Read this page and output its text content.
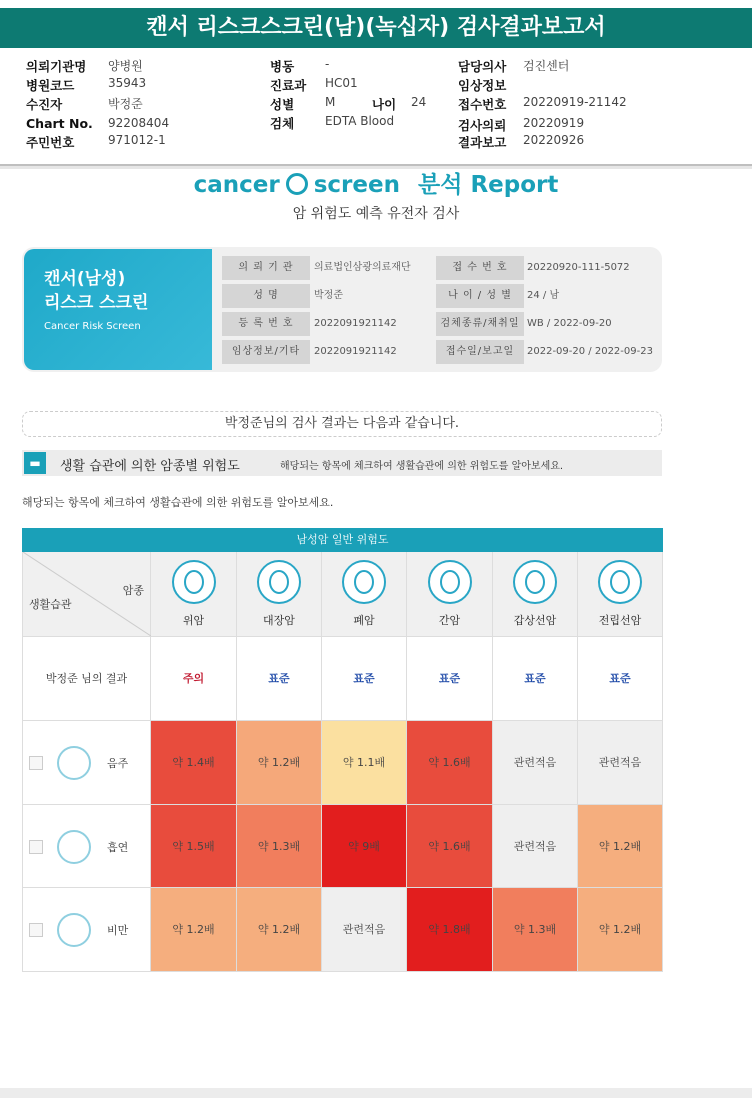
캔서 리스크스크린(남)(녹십자) 검사결과보고서
의뢰기관명 양병원
병원코드	35943
수진자	박정준
Chart No. 92208404
주민번호	971012-1
병동	-
진료과 HC01
성별	M	나이 24
검체	EDTA Blood
담당의사 검진센터
임상정보
접수번호 20220919-21142
검사의뢰 20220919
결과보고 20220926
cancer screen 분석 Report
암 위험도 예측 유전자 검사
캔서(남성)
리스크 스크린
Cancer Risk Screen
의 뢰 기 관	의료법인삼광의료재단	접 수 번 호	20220920-111-5072
성 명	박정준	나 이 / 성 별	24 / 남
등 록 번 호	2022091921142	검체종류/채취일 WB / 2022-09-20
임상정보/기타	2022091921142	접수일/보고일	2022-09-20 / 2022-09-23
박정준님의 검사 결과는 다음과 같습니다.
▬	생활 습관에 의한 암종별 위험도	해당되는 항목에 체크하여 생활습관에 의한 위험도를 알아보세요.
해당되는 항목에 체크하여 생활습관에 의한 위험도를 알아보세요.
남성암 일반 위험도
암종
생활습관
위암	대장암	폐암	간암	갑상선암	전립선암
박정준 님의 결과	주의	표준	표준	표준	표준	표준
음주	약 1.4배	약 1.2배	약 1.1배	약 1.6배	관련적음	관련적음
흡연	약 1.5배	약 1.3배	약 9배	약 1.6배	관련적음	약 1.2배
비만	약 1.2배	약 1.2배	관련적음	약 1.8배	약 1.3배	약 1.2배
